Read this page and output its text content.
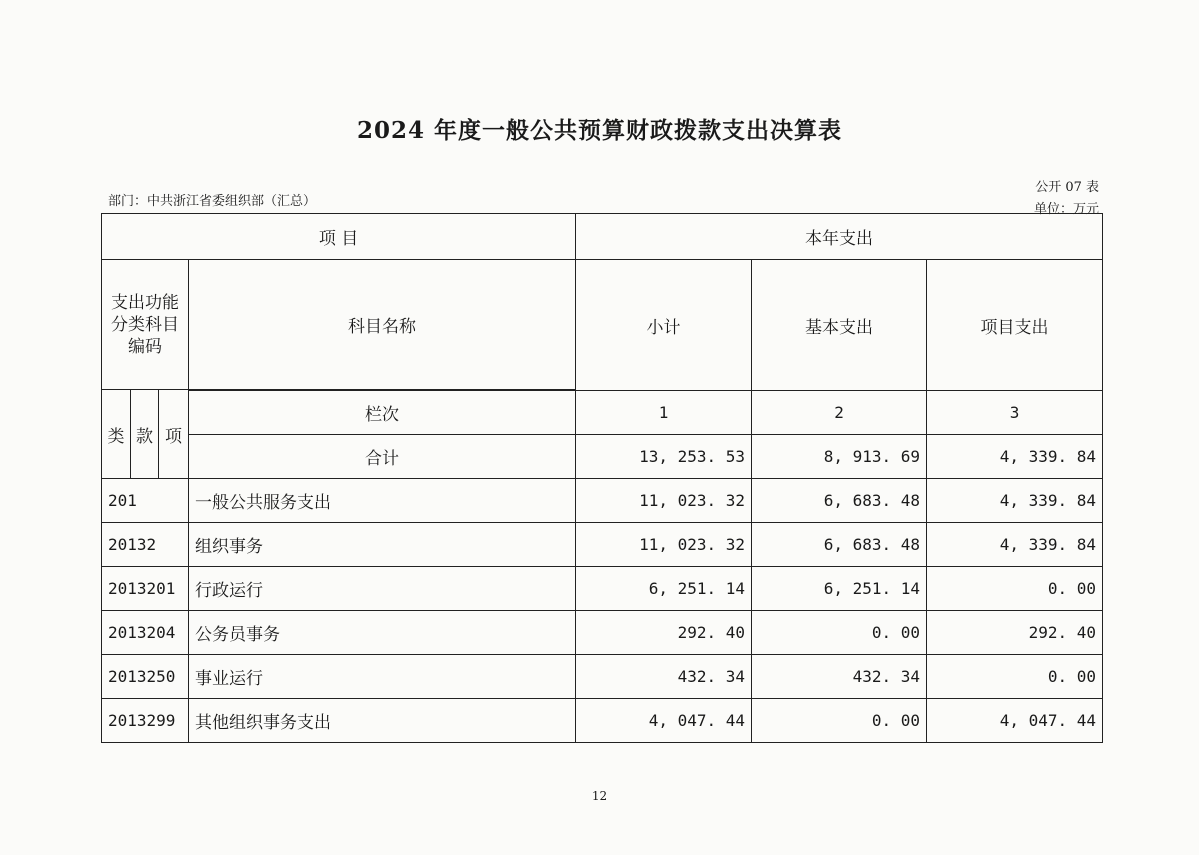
2024 年度一般公共预算财政拨款支出决算表
部门：中共浙江省委组织部（汇总）
公开 07 表
单位：万元
项 目				本年支出		
支出功能分类科目编码			科目名称	小计	基本支出	项目支出
类	款	项				
			栏次	1	2	3
			合计	13, 253. 53	8, 913. 69	4, 339. 84
201			一般公共服务支出	11, 023. 32	6, 683. 48	4, 339. 84
20132			组织事务	11, 023. 32	6, 683. 48	4, 339. 84
2013201			行政运行	6, 251. 14	6, 251. 14	0. 00
2013204			公务员事务	292. 40	0. 00	292. 40
2013250			事业运行	432. 34	432. 34	0. 00
2013299			其他组织事务支出	4, 047. 44	0. 00	4, 047. 44
12
